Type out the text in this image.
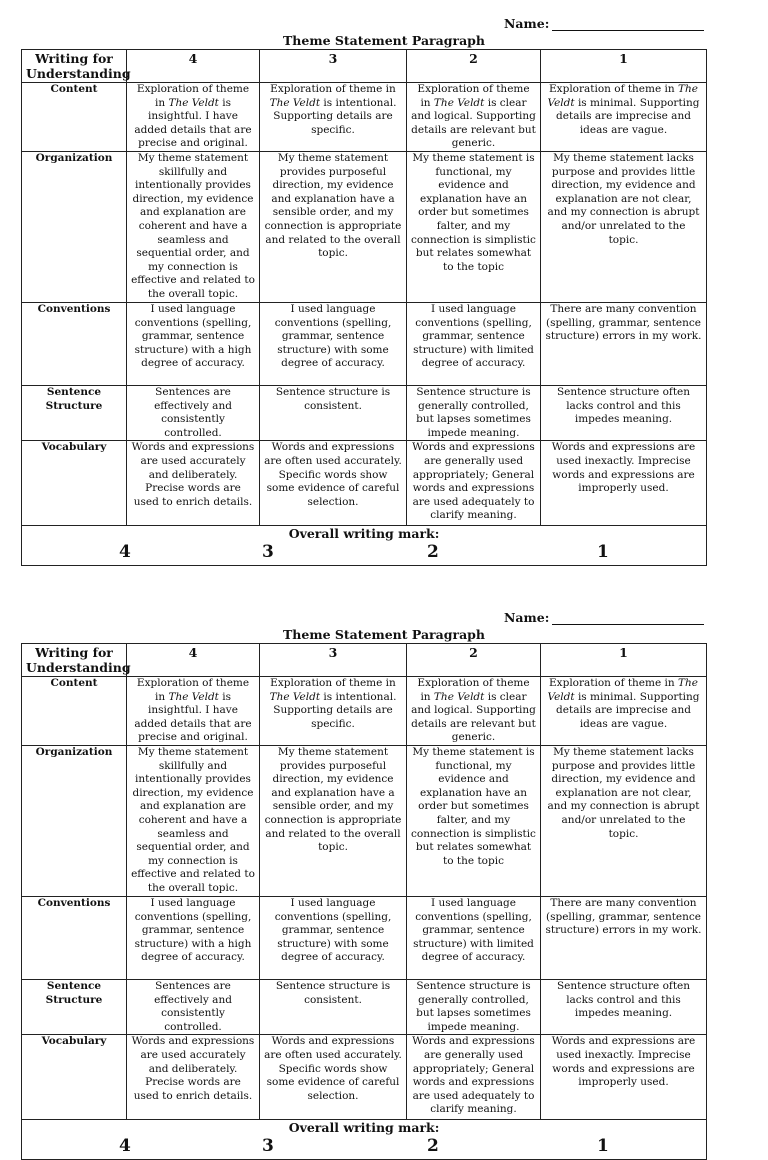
Name:
Theme Statement Paragraph
Writing for Understanding	4	3	2	1
Content	Exploration of theme in The Veldt is insightful. I have added details that are precise and original.	Exploration of theme in The Veldt is intentional. Supporting details are specific.	Exploration of theme in The Veldt is clear and logical. Supporting details are relevant but generic.	Exploration of theme in The Veldt is minimal. Supporting details are imprecise and ideas are vague.
Organization	My theme statement skillfully and intentionally provides direction, my evidence and explanation are coherent and have a seamless and sequential order, and my connection is effective and related to the overall topic.	My theme statement provides purposeful direction, my evidence and explanation have a sensible order, and my connection is appropriate and related to the overall topic.	My theme statement is functional, my evidence and explanation have an order but sometimes falter, and my connection is simplistic but relates somewhat to the topic	My theme statement lacks purpose and provides little direction, my evidence and explanation are not clear, and my connection is abrupt and/or unrelated to the topic.
Conventions	I used language conventions (spelling, grammar, sentence structure) with a high degree of accuracy.	I used language conventions (spelling, grammar, sentence structure) with some degree of accuracy.	I used language conventions (spelling, grammar, sentence structure) with limited degree of accuracy.	There are many convention (spelling, grammar, sentence structure) errors in my work.
Sentence Structure	Sentences are effectively and consistently controlled.	Sentence structure is consistent.	Sentence structure is generally controlled, but lapses sometimes impede meaning.	Sentence structure often lacks control and this impedes meaning.
Vocabulary	Words and expressions are used accurately and deliberately. Precise words are used to enrich details.	Words and expressions are often used accurately. Specific words show some evidence of careful selection.	Words and expressions are generally used appropriately; General words and expressions are used adequately to clarify meaning.	Words and expressions are used inexactly. Imprecise words and expressions are improperly used.

Overall writing mark:
4 3 2 1				
Name:
Theme Statement Paragraph
Writing for Understanding	4	3	2	1
Content	Exploration of theme in The Veldt is insightful. I have added details that are precise and original.	Exploration of theme in The Veldt is intentional. Supporting details are specific.	Exploration of theme in The Veldt is clear and logical. Supporting details are relevant but generic.	Exploration of theme in The Veldt is minimal. Supporting details are imprecise and ideas are vague.
Organization	My theme statement skillfully and intentionally provides direction, my evidence and explanation are coherent and have a seamless and sequential order, and my connection is effective and related to the overall topic.	My theme statement provides purposeful direction, my evidence and explanation have a sensible order, and my connection is appropriate and related to the overall topic.	My theme statement is functional, my evidence and explanation have an order but sometimes falter, and my connection is simplistic but relates somewhat to the topic	My theme statement lacks purpose and provides little direction, my evidence and explanation are not clear, and my connection is abrupt and/or unrelated to the topic.
Conventions	I used language conventions (spelling, grammar, sentence structure) with a high degree of accuracy.	I used language conventions (spelling, grammar, sentence structure) with some degree of accuracy.	I used language conventions (spelling, grammar, sentence structure) with limited degree of accuracy.	There are many convention (spelling, grammar, sentence structure) errors in my work.
Sentence Structure	Sentences are effectively and consistently controlled.	Sentence structure is consistent.	Sentence structure is generally controlled, but lapses sometimes impede meaning.	Sentence structure often lacks control and this impedes meaning.
Vocabulary	Words and expressions are used accurately and deliberately. Precise words are used to enrich details.	Words and expressions are often used accurately. Specific words show some evidence of careful selection.	Words and expressions are generally used appropriately; General words and expressions are used adequately to clarify meaning.	Words and expressions are used inexactly. Imprecise words and expressions are improperly used.

Overall writing mark:
4 3 2 1				
